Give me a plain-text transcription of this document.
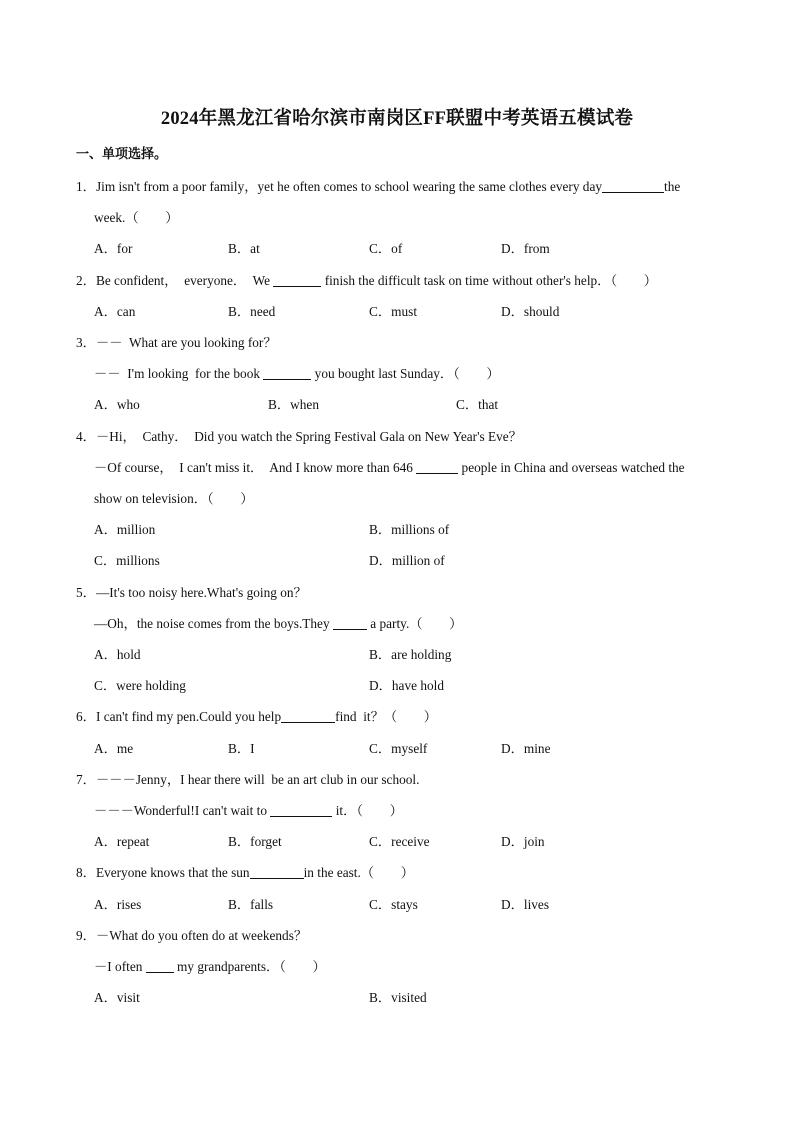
2024年黑龙江省哈尔滨市南岗区FF联盟中考英语五模试卷
一、单项选择。
1．Jim isn't from a poor family，yet he often comes to school wearing the same clothes every day	the
week.（　　）
A．for	B．at	C．of	D．from
2．Be confident，  everyone．  We	finish the difficult task on time without other's help．（　　）
A．can	B．need	C．must	D．should
3．－－  What are you looking for？
－－  I'm looking  for the book	you bought last Sunday．（　　）
A．who	B．when	C．that
4．－Hi，  Cathy．  Did you watch the Spring Festival Gala on New Year's Eve？
－Of course，  I can't miss it．  And I know more than 646	people in China and overseas watched the
show on television．（　　）
A．million	B．millions of
C．millions	D．million of
5．—It's too noisy here.What's going on？
—Oh，the noise comes from the boys.They	a party.（　　）
A．hold	B．are holding
C．were holding	D．have hold
6．I can't find my pen.Could you help	find  it？（　　）
A．me	B．I	C．myself	D．mine
7．－－－Jenny，I hear there will  be an art club in our school.
－－－Wonderful!I can't wait to	it．（　　）
A．repeat	B．forget	C．receive	D．join
8．Everyone knows that the sun	in the east.（　　）
A．rises	B．falls	C．stays	D．lives
9．－What do you often do at weekends？
－I often	my grandparents．（　　）
A．visit	B．visited
